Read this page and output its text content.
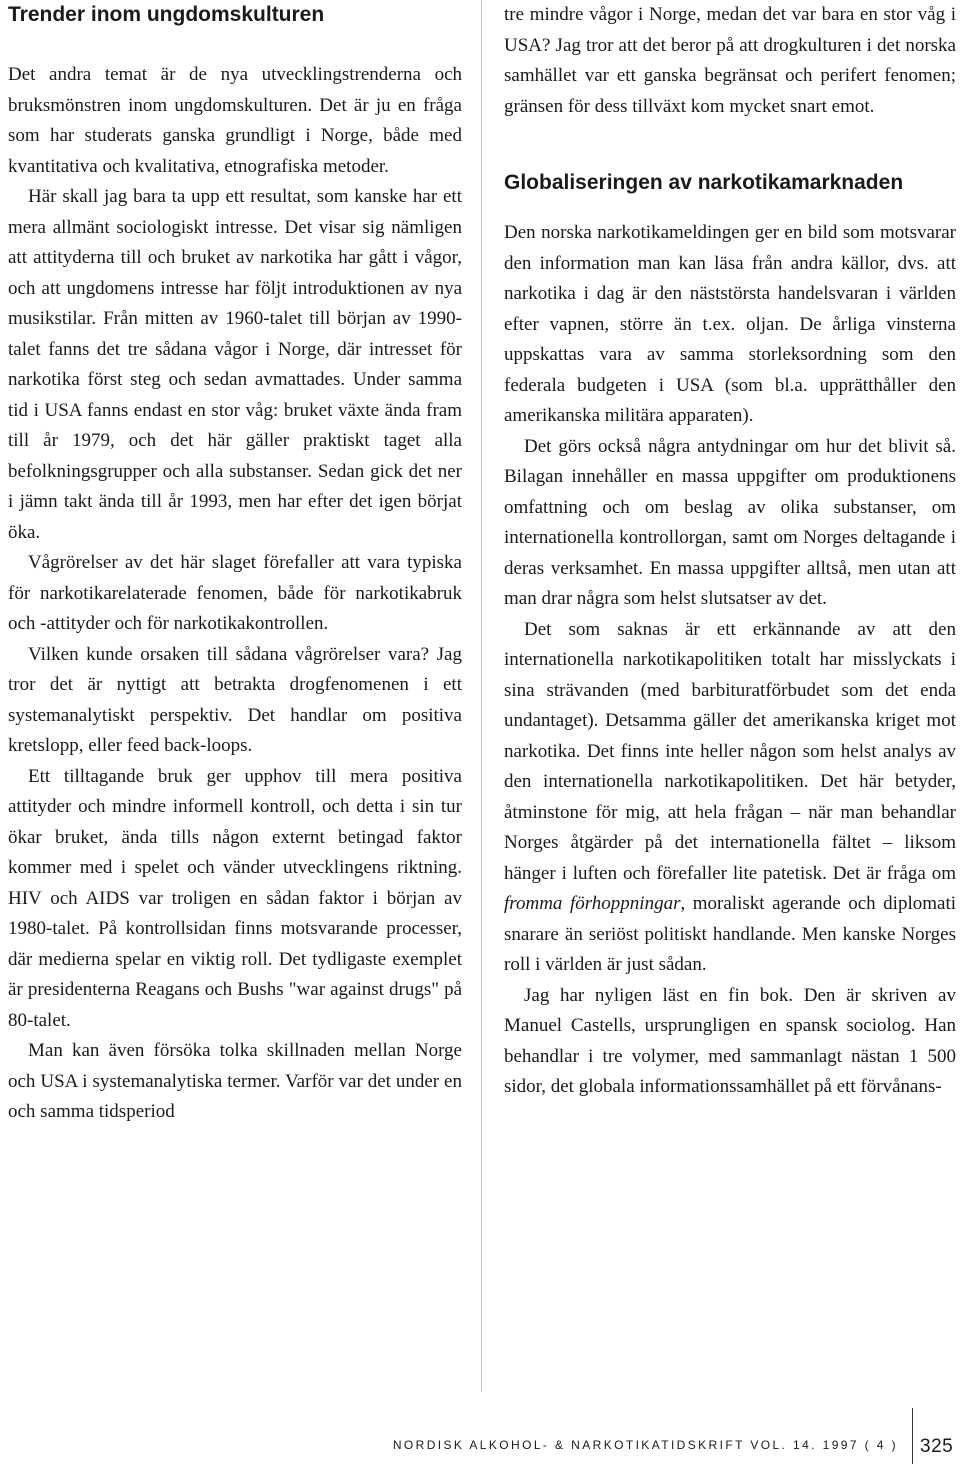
Trender inom ungdomskulturen

Det andra temat är de nya utvecklingstrenderna och bruksmönstren inom ungdomskulturen. Det är ju en fråga som har studerats ganska grundligt i Norge, både med kvantitativa och kvalitativa, etnografiska metoder.

Här skall jag bara ta upp ett resultat, som kanske har ett mera allmänt sociologiskt intresse. Det visar sig nämligen att attityderna till och bruket av narkotika har gått i vågor, och att ungdomens intresse har följt introduktionen av nya musikstilar. Från mitten av 1960-talet till början av 1990-talet fanns det tre sådana vågor i Norge, där intresset för narkotika först steg och sedan avmattades. Under samma tid i USA fanns endast en stor våg: bruket växte ända fram till år 1979, och det här gäller praktiskt taget alla befolkningsgrupper och alla substanser. Sedan gick det ner i jämn takt ända till år 1993, men har efter det igen börjat öka.

Vågrörelser av det här slaget förefaller att vara typiska för narkotikarelaterade fenomen, både för narkotikabruk och -attityder och för narkotikakontrollen.

Vilken kunde orsaken till sådana vågrörelser vara? Jag tror det är nyttigt att betrakta drogfenomenen i ett systemanalytiskt perspektiv. Det handlar om positiva kretslopp, eller feed back-loops.

Ett tilltagande bruk ger upphov till mera positiva attityder och mindre informell kontroll, och detta i sin tur ökar bruket, ända tills någon externt betingad faktor kommer med i spelet och vänder utvecklingens riktning. HIV och AIDS var troligen en sådan faktor i början av 1980-talet. På kontrollsidan finns motsvarande processer, där medierna spelar en viktig roll. Det tydligaste exemplet är presidenterna Reagans och Bushs "war against drugs" på 80-talet.

Man kan även försöka tolka skillnaden mellan Norge och USA i systemanalytiska termer. Varför var det under en och samma tidsperiod

tre mindre vågor i Norge, medan det var bara en stor våg i USA? Jag tror att det beror på att drogkulturen i det norska samhället var ett ganska begränsat och perifert fenomen; gränsen för dess tillväxt kom mycket snart emot.

Globaliseringen av narkotikamarknaden

Den norska narkotikameldingen ger en bild som motsvarar den information man kan läsa från andra källor, dvs. att narkotika i dag är den näststörsta handelsvaran i världen efter vapnen, större än t.ex. oljan. De årliga vinsterna uppskattas vara av samma storleksordning som den federala budgeten i USA (som bl.a. upprätthåller den amerikanska militära apparaten).

Det görs också några antydningar om hur det blivit så. Bilagan innehåller en massa uppgifter om produktionens omfattning och om beslag av olika substanser, om internationella kontrollorgan, samt om Norges deltagande i deras verksamhet. En massa uppgifter alltså, men utan att man drar några som helst slutsatser av det.

Det som saknas är ett erkännande av att den internationella narkotikapolitiken totalt har misslyckats i sina strävanden (med barbituratförbudet som det enda undantaget). Detsamma gäller det amerikanska kriget mot narkotika. Det finns inte heller någon som helst analys av den internationella narkotikapolitiken. Det här betyder, åtminstone för mig, att hela frågan – när man behandlar Norges åtgärder på det internationella fältet – liksom hänger i luften och förefaller lite patetisk. Det är fråga om fromma förhoppningar, moraliskt agerande och diplomati snarare än seriöst politiskt handlande. Men kanske Norges roll i världen är just sådan.

Jag har nyligen läst en fin bok. Den är skriven av Manuel Castells, ursprungligen en spansk sociolog. Han behandlar i tre volymer, med sammanlagt nästan 1 500 sidor, det globala informationssamhället på ett förvånans-

NORDISK ALKOHOL- & NARKOTIKATIDSKRIFT VOL. 14. 1997 ( 4 ) 325
